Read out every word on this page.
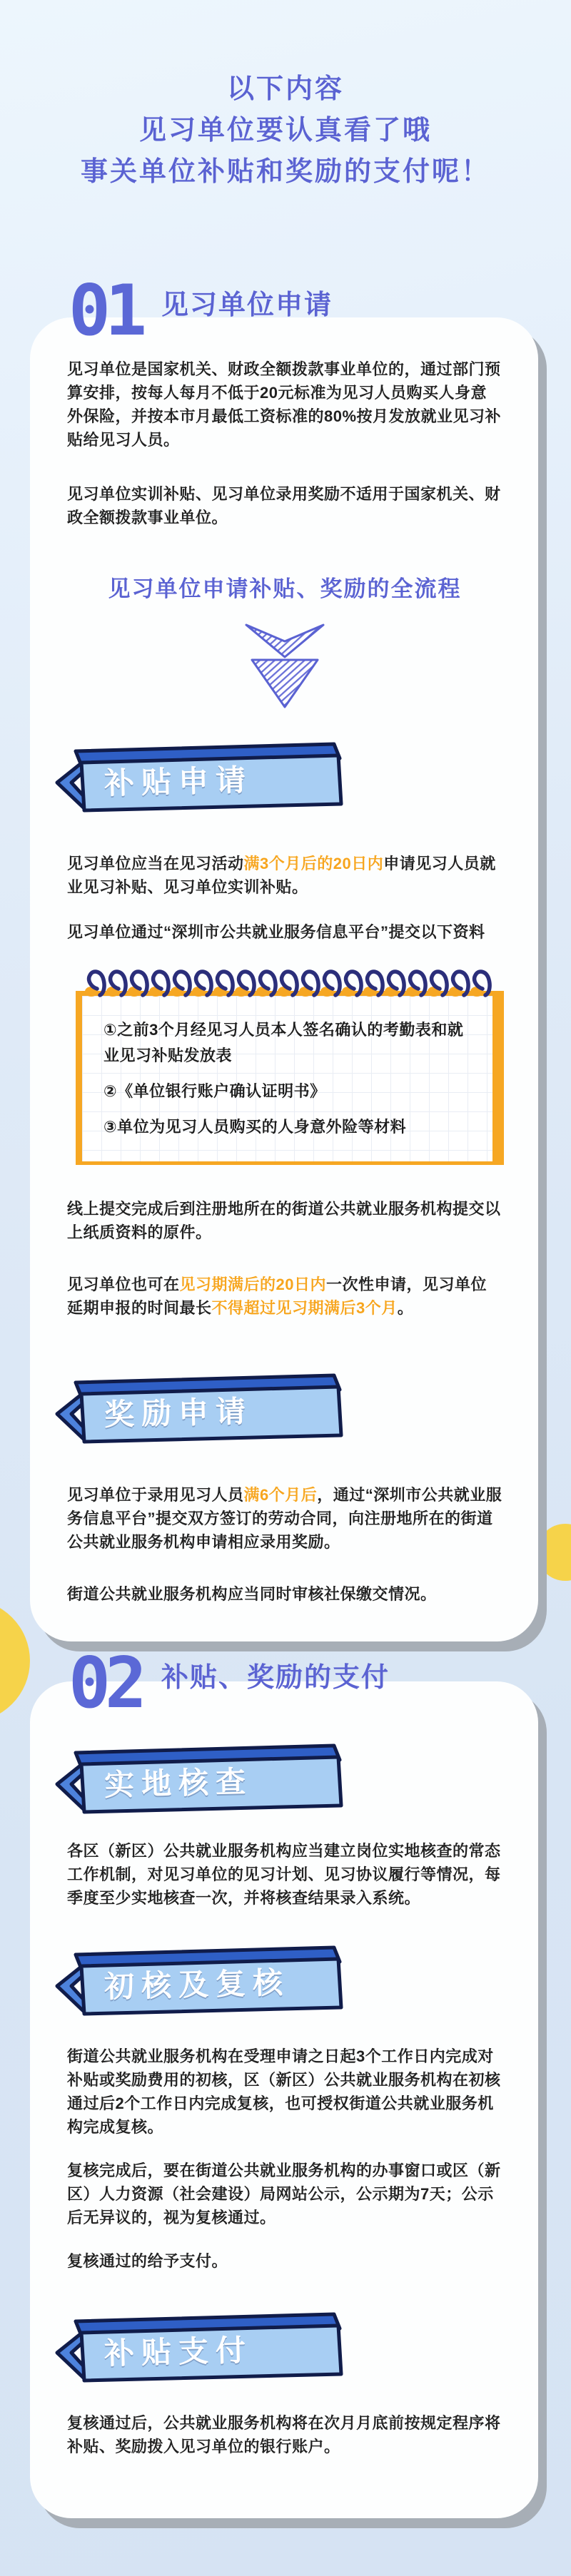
以下内容
见习单位要认真看了哦
事关单位补贴和奖励的支付呢！
01 见习单位申请
见习单位是国家机关、财政全额拨款事业单位的，通过部门预算安排，按每人每月不低于20元标准为见习人员购买人身意外保险，并按本市月最低工资标准的80%按月发放就业见习补贴给见习人员。
见习单位实训补贴、见习单位录用奖励不适用于国家机关、财政全额拨款事业单位。
见习单位申请补贴、奖励的全流程
补贴申请
见习单位应当在见习活动满3个月后的20日内申请见习人员就业见习补贴、见习单位实训补贴。
见习单位通过“深圳市公共就业服务信息平台”提交以下资料
①之前3个月经见习人员本人签名确认的考勤表和就业见习补贴发放表
②《单位银行账户确认证明书》
③单位为见习人员购买的人身意外险等材料
线上提交完成后到注册地所在的街道公共就业服务机构提交以上纸质资料的原件。
见习单位也可在见习期满后的20日内一次性申请，见习单位延期申报的时间最长不得超过见习期满后3个月。
奖励申请
见习单位于录用见习人员满6个月后，通过“深圳市公共就业服务信息平台”提交双方签订的劳动合同，向注册地所在的街道公共就业服务机构申请相应录用奖励。
街道公共就业服务机构应当同时审核社保缴交情况。
02 补贴、奖励的支付
实地核查
各区（新区）公共就业服务机构应当建立岗位实地核查的常态工作机制，对见习单位的见习计划、见习协议履行等情况，每季度至少实地核查一次，并将核查结果录入系统。
初核及复核
街道公共就业服务机构在受理申请之日起3个工作日内完成对补贴或奖励费用的初核，区（新区）公共就业服务机构在初核通过后2个工作日内完成复核，也可授权街道公共就业服务机构完成复核。
复核完成后，要在街道公共就业服务机构的办事窗口或区（新区）人力资源（社会建设）局网站公示，公示期为7天；公示后无异议的，视为复核通过。
复核通过的给予支付。
补贴支付
复核通过后，公共就业服务机构将在次月月底前按规定程序将补贴、奖励拨入见习单位的银行账户。
